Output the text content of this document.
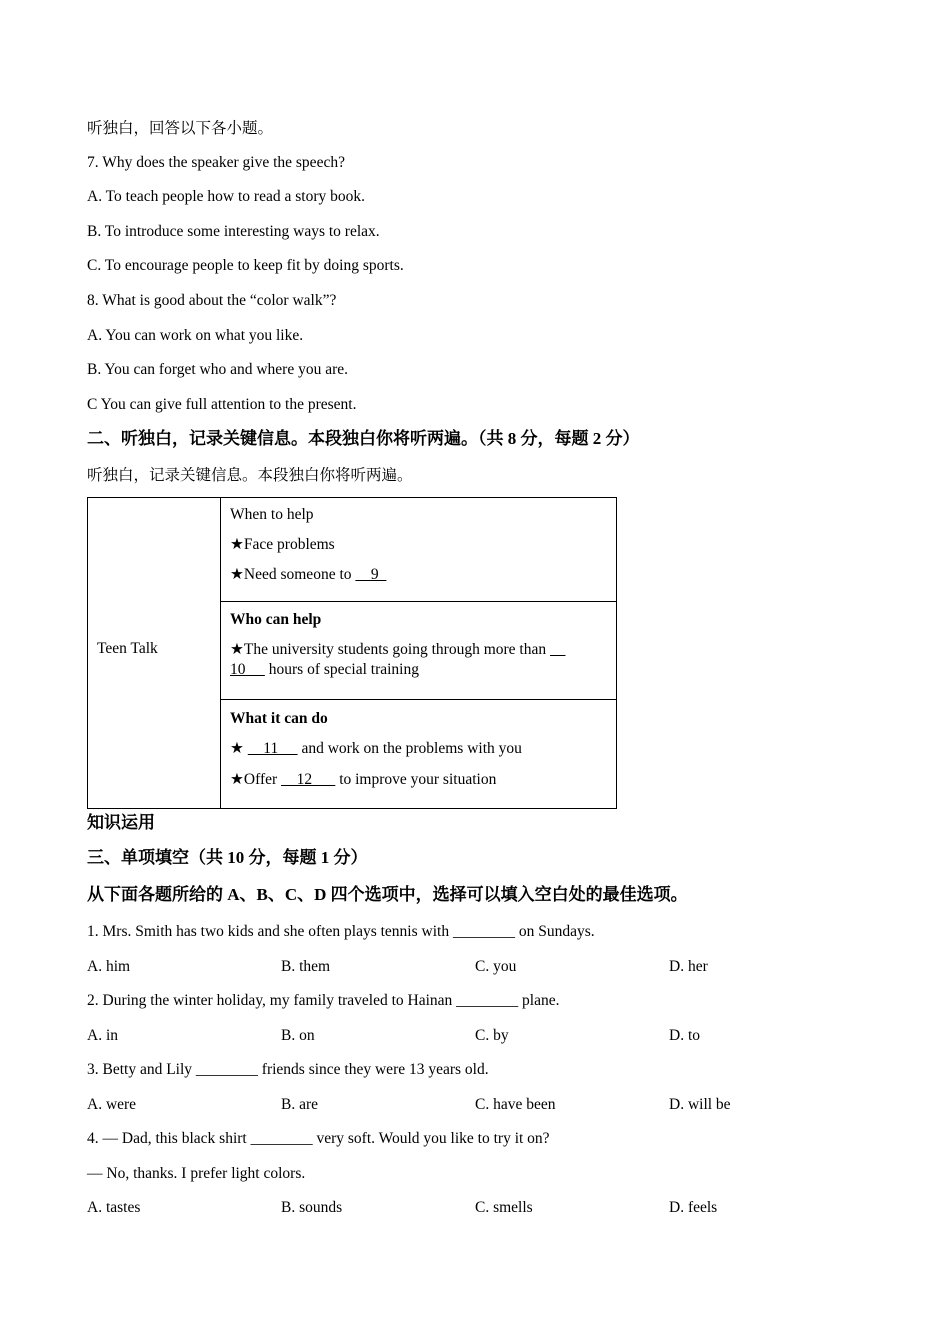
听独白，回答以下各小题。
7. Why does the speaker give the speech?
A. To teach people how to read a story book.
B. To introduce some interesting ways to relax.
C. To encourage people to keep fit by doing sports.
8. What is good about the “color walk”?
A. You can work on what you like.
B. You can forget who and where you are.
C You can give full attention to the present.
二、听独白，记录关键信息。本段独白你将听两遍。（共 8 分，每题 2 分）
听独白，记录关键信息。本段独白你将听两遍。
Teen Talk
When to help
★Face problems
★Need someone to     9
Who can help
★The university students going through more than
10      hours of special training
What it can do
★     11      and work on the problems with you
★Offer     12       to improve your situation
知识运用
三、单项填空（共 10 分，每题 1 分）
从下面各题所给的 A、B、C、D 四个选项中，选择可以填入空白处的最佳选项。
1. Mrs. Smith has two kids and she often plays tennis with ________ on Sundays.
A. him	B. them	C. you	D. her
2. During the winter holiday, my family traveled to Hainan ________ plane.
A. in	B. on	C. by	D. to
3. Betty and Lily ________ friends since they were 13 years old.
A. were	B. are	C. have been	D. will be
4. — Dad, this black shirt ________ very soft. Would you like to try it on?
— No, thanks. I prefer light colors.
A. tastes	B. sounds	C. smells	D. feels
